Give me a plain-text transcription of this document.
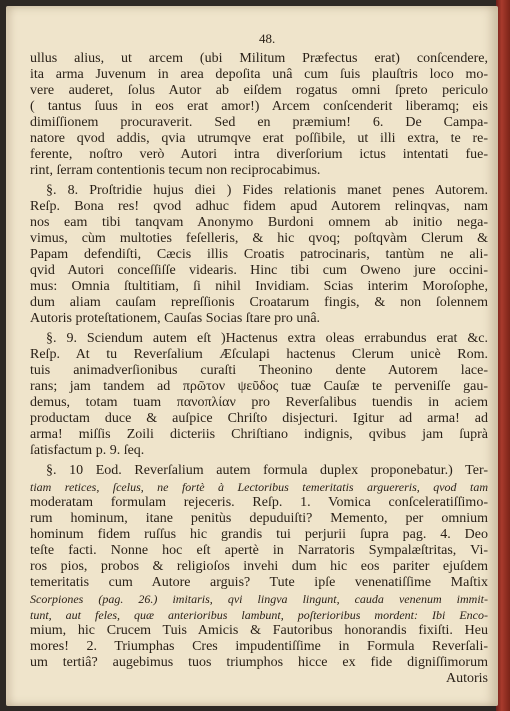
48.
ullus alius, ut arcem (ubi Militum Præfectus erat) conſcendere,
ita arma Juvenum in area depoſita unâ cum ſuis plauſtris loco mo-
vere auderet, ſolus Autor ab eiſdem rogatus omni ſpreto periculo
( tantus ſuus in eos erat amor!) Arcem conſcenderit liberamq; eis
dimiſſionem procuraverit. Sed en præmium! 6. De Campa-
natore qvod addis, qvia utrumqve erat poſſibile, ut illi extra, te re-
ferente, noſtro verò Autori intra diverſorium ictus intentati fue-
rint, ſerram contentionis tecum non reciprocabimus.
§. 8. Proſtridie hujus diei ) Fides relationis manet penes Autorem.
Reſp. Bona res! qvod adhuc fidem apud Autorem relinqvas, nam
nos eam tibi tanqvam Anonymo Burdoni omnem ab initio nega-
vimus, cùm multoties feſelleris, & hic qvoq; poſtqvàm Clerum &
Papam defendiſti, Cæcis illis Croatis patrocinaris, tantùm ne ali-
qvid Autori conceſſiſſe videaris. Hinc tibi cum Oweno jure occini-
mus: Omnia ſtultitiam, ſi nihil Invidiam. Scias interim Moroſophe,
dum aliam cauſam repreſſionis Croatarum fingis, & non ſolennem
Autoris proteſtationem, Cauſas Socias ſtare pro unâ.
§. 9. Sciendum autem eſt )Hactenus extra oleas errabundus erat &c.
Reſp. At tu Reverſalium Æſculapi hactenus Clerum unicè Rom.
tuis animadverſionibus curaſti Theonino dente Autorem lace-
rans; jam tandem ad πρῶτον ψεῦδος tuæ Cauſæ te perveniſſe gau-
demus, totam tuam πανοπλίαν pro Reverſalibus tuendis in aciem
productam duce & auſpice Chriſto disjecturi. Igitur ad arma! ad
arma! miſſis Zoili dicteriis Chriſtiano indignis, qvibus jam ſuprà
ſatisfactum p. 9. ſeq.
§. 10 Eod. Reverſalium autem formula duplex proponebatur.) Ter-
tiam retices, ſcelus, ne fortè à Lectoribus temeritatis arguereris, qvod tam
moderatam formulam rejeceris. Reſp. 1. Vomica conſceleratiſſimo-
rum hominum, itane penitùs depuduiſti? Memento, per omnium
hominum fidem ruſſus hic grandis tui perjurii ſupra pag. 4. Deo
teſte facti. Nonne hoc eſt apertè in Narratoris Sympalæſtritas, Vi-
ros pios, probos & religioſos invehi dum hic eos pariter ejuſdem
temeritatis cum Autore arguis? Tute ipſe venenatiſſime Maſtix
Scorpiones (pag. 26.) imitaris, qvi lingva lingunt, cauda venenum immit-
tunt, aut feles, quæ anterioribus lambunt, poſterioribus mordent: Ibi Enco-
mium, hic Crucem Tuis Amicis & Fautoribus honorandis fixiſti. Heu
mores! 2. Triumphas Cres impudentiſſime in Formula Reverſali-
um tertiâ? augebimus tuos triumphos hicce ex fide digniſſimorum
Autoris
